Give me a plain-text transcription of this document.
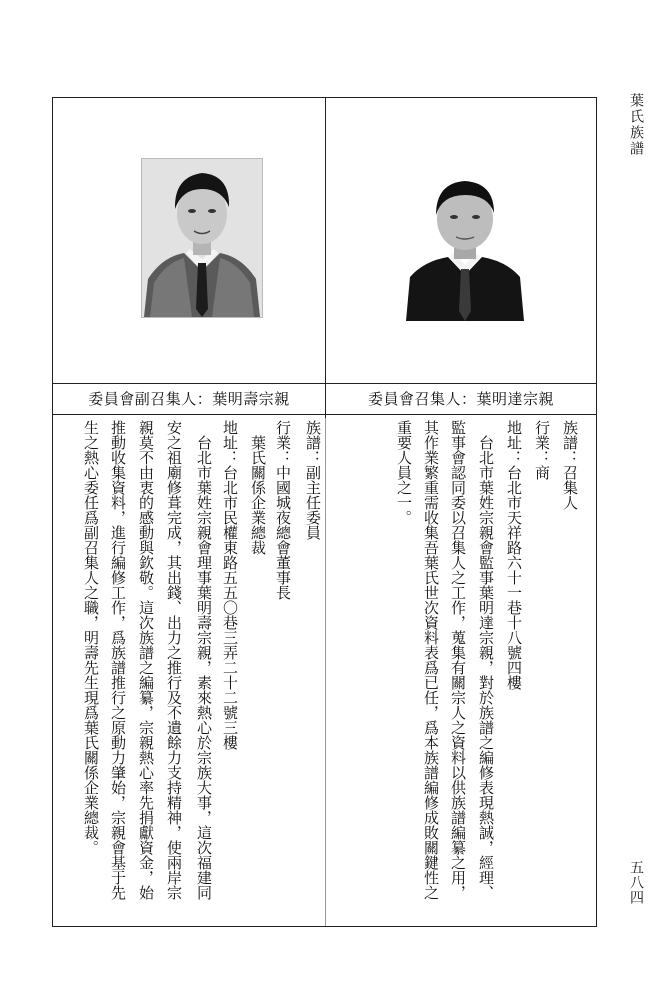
葉氏族譜
委員會副召集人：葉明壽宗親	委員會召集人：葉明達宗親
族譜：副主任委員
行業：中國城夜總會董事長
　葉氏關係企業總裁
地址：台北市民權東路五五〇巷三弄二十二號三樓
　台北市葉姓宗親會理事葉明壽宗親，素來熱心於宗族大事，這次福建同
安之祖廟修葺完成，其出錢、出力之推行及不遺餘力支持精神，使兩岸宗
親莫不由衷的感動與欽敬。這次族譜之編纂，宗親熱心率先捐獻資金，始
推動收集資料，進行編修工作，爲族譜推行之原動力肇始，宗親會基于先
生之熱心委任爲副召集人之職，明壽先生現爲葉氏關係企業總裁。	族譜：召集人
行業：商
地址：台北市天祥路六十一巷十八號四樓
　台北市葉姓宗親會監事葉明達宗親，對於族譜之編修表現熱誠，經理、
監事會認同委以召集人之工作，蒐集有關宗人之資料以供族譜編纂之用，
其作業繁重需收集吾葉氏世次資料表爲已任，爲本族譜編修成敗關鍵性之
重要人員之一。
五八四
